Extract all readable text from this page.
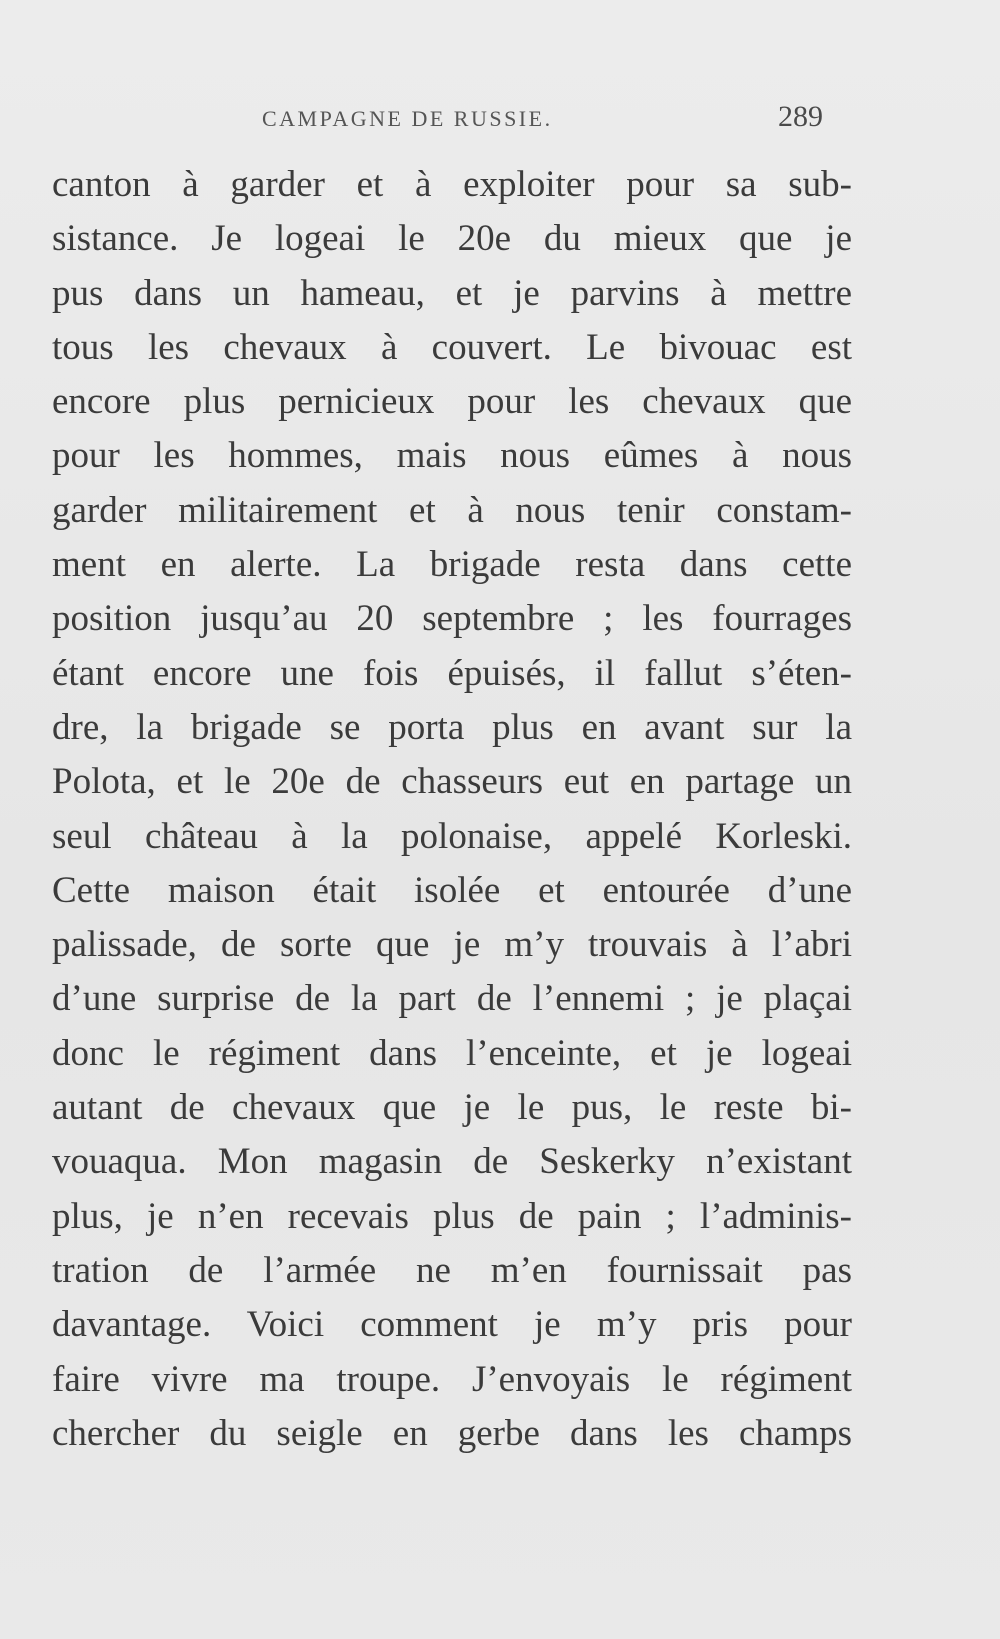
CAMPAGNE DE RUSSIE.	289
canton à garder et à exploiter pour sa sub-
sistance. Je logeai le 20e du mieux que je
pus dans un hameau, et je parvins à mettre
tous les chevaux à couvert. Le bivouac est
encore plus pernicieux pour les chevaux que
pour les hommes, mais nous eûmes à nous
garder militairement et à nous tenir constam-
ment en alerte. La brigade resta dans cette
position jusqu’au 20 septembre ; les fourrages
étant encore une fois épuisés, il fallut s’éten-
dre, la brigade se porta plus en avant sur la
Polota, et le 20e de chasseurs eut en partage un
seul château à la polonaise, appelé Korleski.
Cette maison était isolée et entourée d’une
palissade, de sorte que je m’y trouvais à l’abri
d’une surprise de la part de l’ennemi ; je plaçai
donc le régiment dans l’enceinte, et je logeai
autant de chevaux que je le pus, le reste bi-
vouaqua. Mon magasin de Seskerky n’existant
plus, je n’en recevais plus de pain ; l’adminis-
tration de l’armée ne m’en fournissait pas
davantage. Voici comment je m’y pris pour
faire vivre ma troupe. J’envoyais le régiment
chercher du seigle en gerbe dans les champs
